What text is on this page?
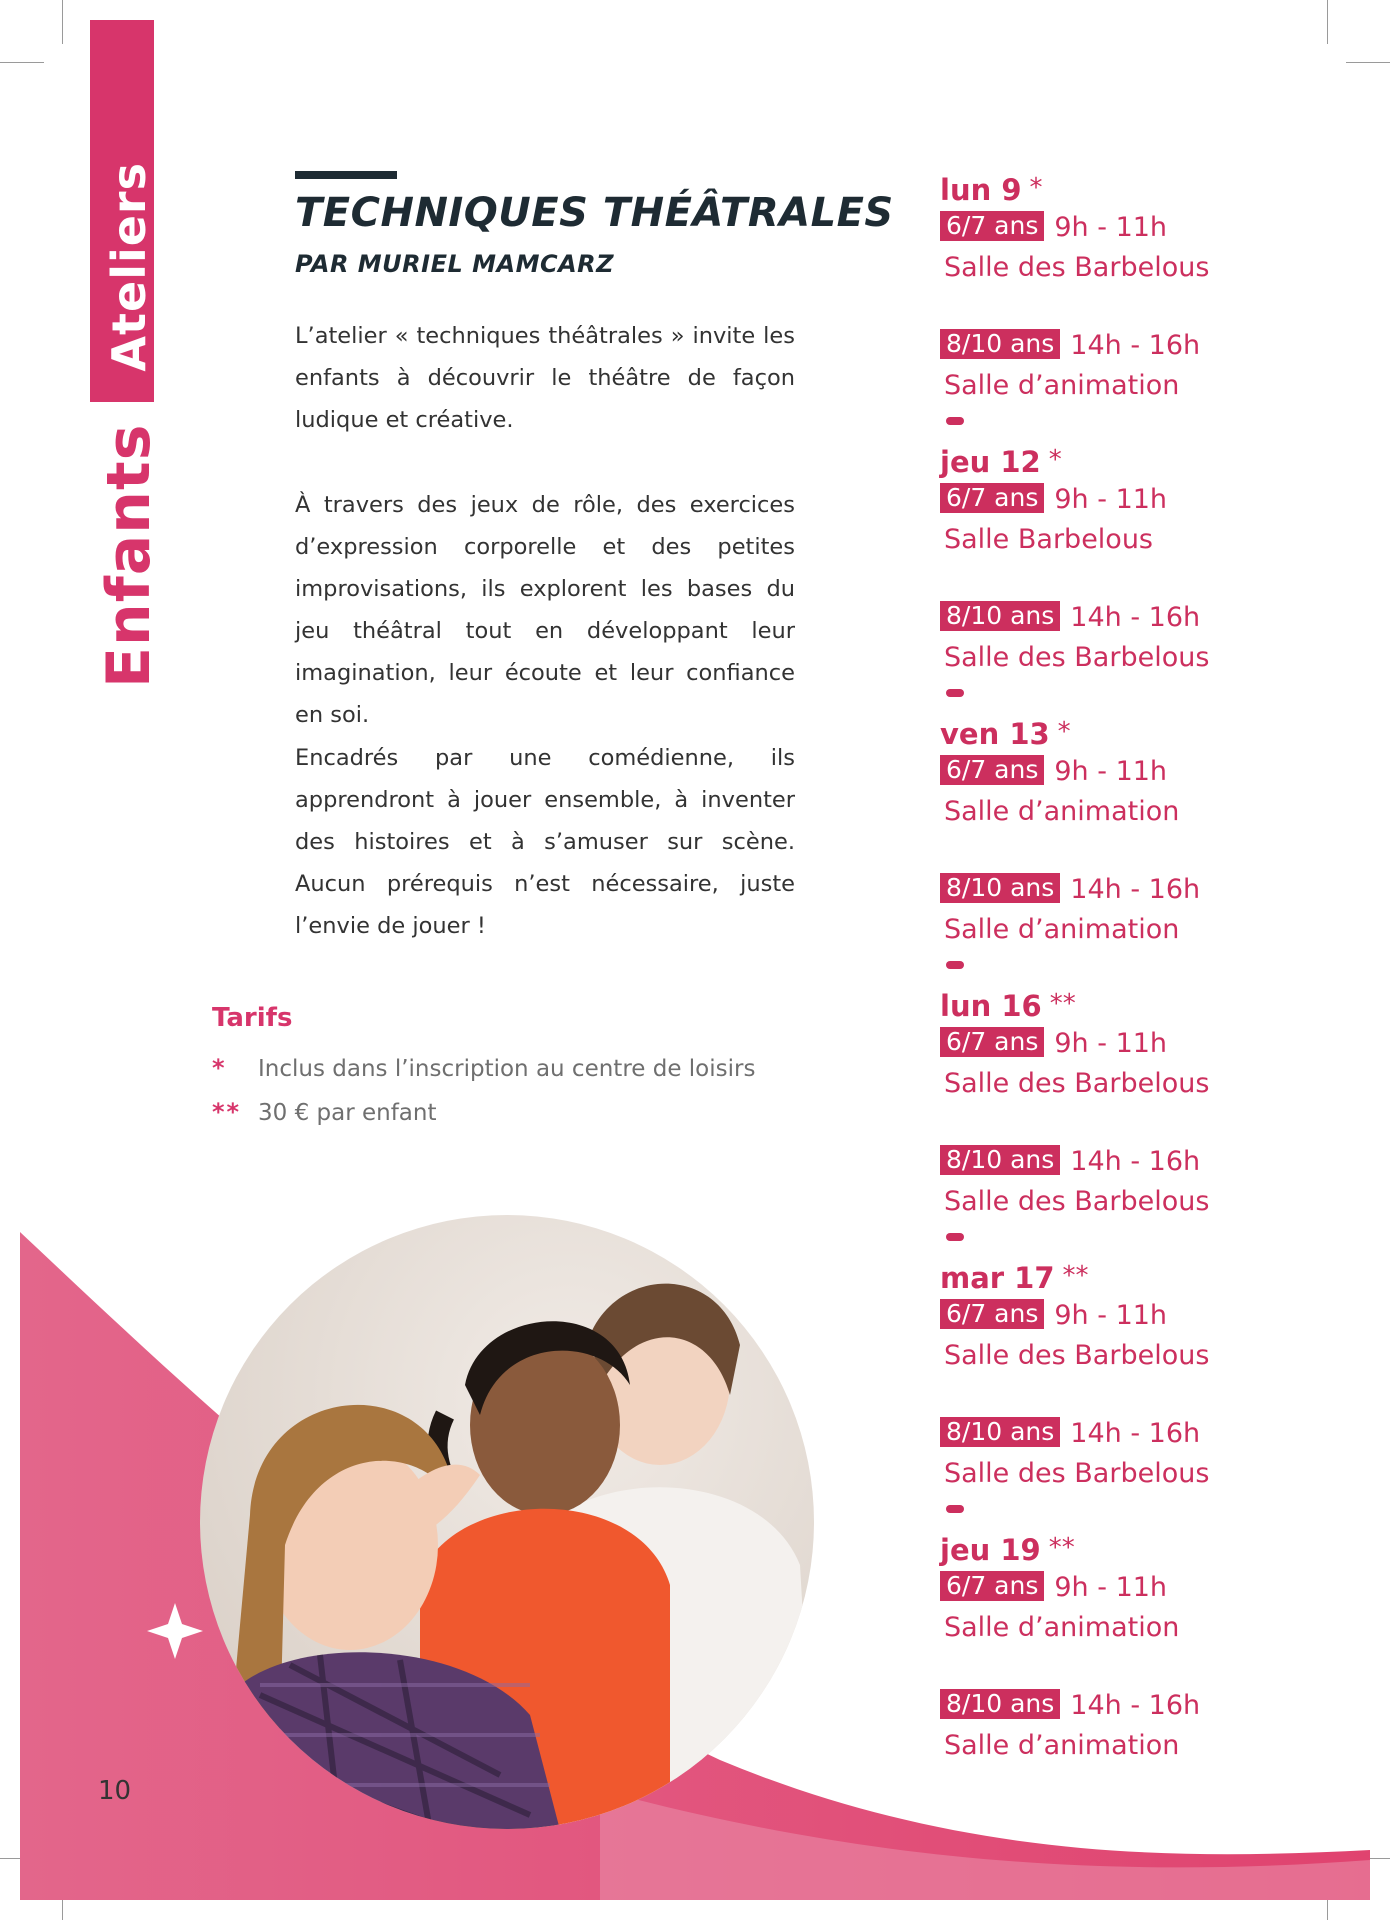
Enfants
Ateliers	TECHNIQUES THÉÂTRALES
PAR MURIEL MAMCARZ

L’atelier « techniques théâtrales » invite les enfants à découvrir le théâtre de façon ludique et créative.

À travers des jeux de rôle, des exercices d’expression corporelle et des petites improvisations, ils explorent les bases du jeu théâtral tout en développant leur imagination, leur écoute et leur confiance en soi.

Encadrés par une comédienne, ils apprendront à jouer ensemble, à inventer des histoires et à s’amuser sur scène. Aucun prérequis n’est nécessaire, juste l’envie de jouer !

Tarifs
*	Inclus dans l’inscription au centre de loisirs
** 30 € par enfant
10
lun 9 *
6/7 ans 9h - 11h
Salle des Barbelous
8/10 ans 14h - 16h
Salle d’animation
jeu 12 *
6/7 ans 9h - 11h
Salle Barbelous
8/10 ans 14h - 16h
Salle des Barbelous
ven 13 *
6/7 ans 9h - 11h
Salle d’animation
8/10 ans 14h - 16h
Salle d’animation
lun 16 **
6/7 ans 9h - 11h
Salle des Barbelous
8/10 ans 14h - 16h
Salle des Barbelous
mar 17 **
6/7 ans 9h - 11h
Salle des Barbelous
8/10 ans 14h - 16h
Salle des Barbelous
jeu 19 **
6/7 ans 9h - 11h
Salle d’animation
8/10 ans 14h - 16h
Salle d’animation
